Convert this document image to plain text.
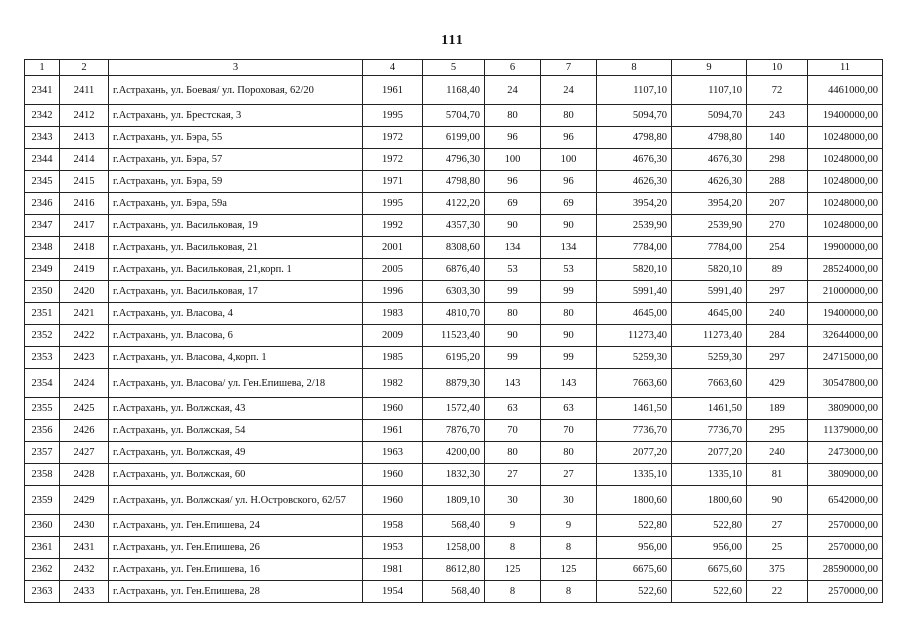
111
1	2	3	4	5	6	7	8	9	10	11
2341	2411	г.Астрахань, ул. Боевая/ ул. Пороховая, 62/20	1961	1168,40	24	24	1107,10	1107,10	72	4461000,00
2342	2412	г.Астрахань, ул. Брестская, 3	1995	5704,70	80	80	5094,70	5094,70	243	19400000,00
2343	2413	г.Астрахань, ул. Бэра, 55	1972	6199,00	96	96	4798,80	4798,80	140	10248000,00
2344	2414	г.Астрахань, ул. Бэра, 57	1972	4796,30	100	100	4676,30	4676,30	298	10248000,00
2345	2415	г.Астрахань, ул. Бэра, 59	1971	4798,80	96	96	4626,30	4626,30	288	10248000,00
2346	2416	г.Астрахань, ул. Бэра, 59а	1995	4122,20	69	69	3954,20	3954,20	207	10248000,00
2347	2417	г.Астрахань, ул. Васильковая, 19	1992	4357,30	90	90	2539,90	2539,90	270	10248000,00
2348	2418	г.Астрахань, ул. Васильковая, 21	2001	8308,60	134	134	7784,00	7784,00	254	19900000,00
2349	2419	г.Астрахань, ул. Васильковая, 21,корп. 1	2005	6876,40	53	53	5820,10	5820,10	89	28524000,00
2350	2420	г.Астрахань, ул. Васильковая, 17	1996	6303,30	99	99	5991,40	5991,40	297	21000000,00
2351	2421	г.Астрахань, ул. Власова, 4	1983	4810,70	80	80	4645,00	4645,00	240	19400000,00
2352	2422	г.Астрахань, ул. Власова, 6	2009	11523,40	90	90	11273,40	11273,40	284	32644000,00
2353	2423	г.Астрахань, ул. Власова, 4,корп. 1	1985	6195,20	99	99	5259,30	5259,30	297	24715000,00
2354	2424	г.Астрахань, ул. Власова/ ул. Ген.Епишева, 2/18	1982	8879,30	143	143	7663,60	7663,60	429	30547800,00
2355	2425	г.Астрахань, ул. Волжская, 43	1960	1572,40	63	63	1461,50	1461,50	189	3809000,00
2356	2426	г.Астрахань, ул. Волжская, 54	1961	7876,70	70	70	7736,70	7736,70	295	11379000,00
2357	2427	г.Астрахань, ул. Волжская, 49	1963	4200,00	80	80	2077,20	2077,20	240	2473000,00
2358	2428	г.Астрахань, ул. Волжская, 60	1960	1832,30	27	27	1335,10	1335,10	81	3809000,00
2359	2429	г.Астрахань, ул. Волжская/ ул. Н.Островского, 62/57	1960	1809,10	30	30	1800,60	1800,60	90	6542000,00
2360	2430	г.Астрахань, ул. Ген.Епишева, 24	1958	568,40	9	9	522,80	522,80	27	2570000,00
2361	2431	г.Астрахань, ул. Ген.Епишева, 26	1953	1258,00	8	8	956,00	956,00	25	2570000,00
2362	2432	г.Астрахань, ул. Ген.Епишева, 16	1981	8612,80	125	125	6675,60	6675,60	375	28590000,00
2363	2433	г.Астрахань, ул. Ген.Епишева, 28	1954	568,40	8	8	522,60	522,60	22	2570000,00
